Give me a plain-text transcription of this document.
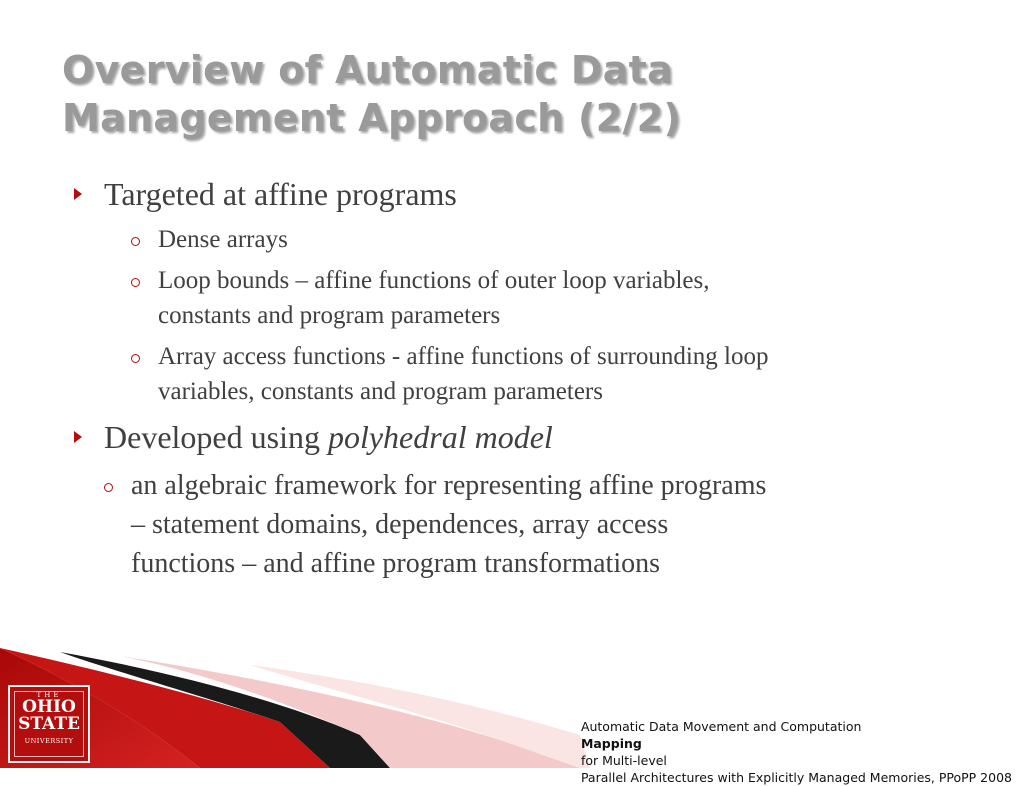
Overview of Automatic Data
Management Approach (2/2)
Targeted at affine programs
Dense arrays
Loop bounds – affine functions of outer loop variables,
constants and program parameters
Array access functions - affine functions of surrounding loop
variables, constants and program parameters
Developed using polyhedral model
an algebraic framework for representing affine programs
– statement domains, dependences, array access
functions – and affine program transformations
THE
OHIO
STATE
UNIVERSITY
Automatic Data Movement and Computation
Mapping
for Multi-level
Parallel Architectures with Explicitly Managed Memories, PPoPP 2008
